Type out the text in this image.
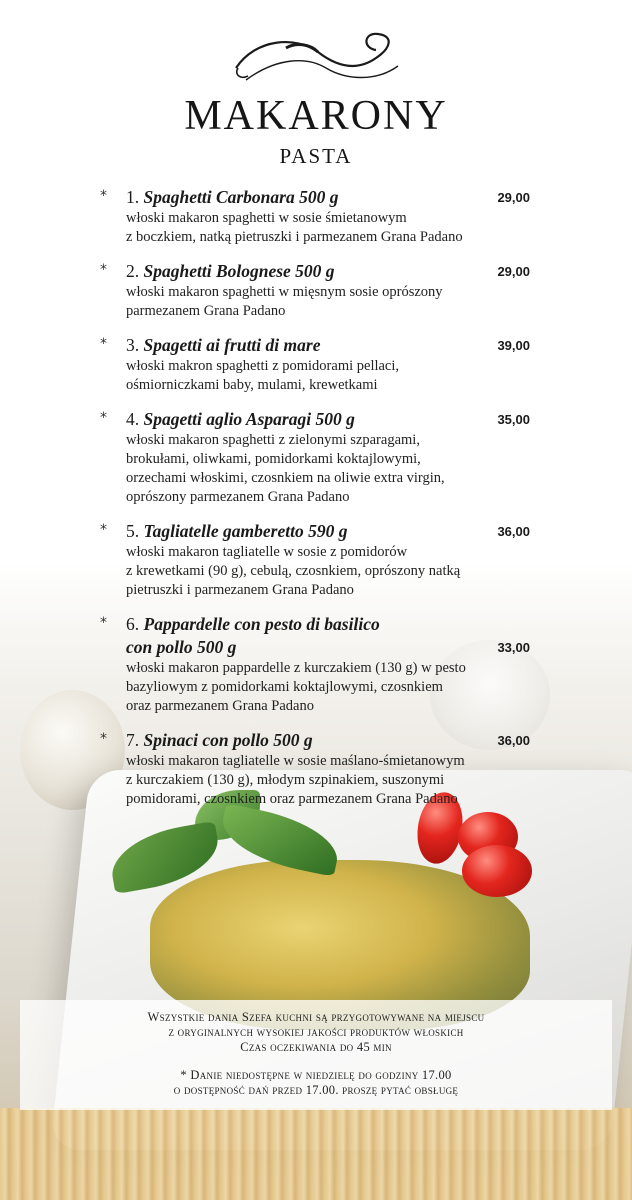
MAKARONY
PASTA
* 1. Spaghetti Carbonara 500 g	29,00
włoski makaron spaghetti w sosie śmietanowym
z boczkiem, natką pietruszki i parmezanem Grana Padano
* 2. Spaghetti Bolognese 500 g	29,00
włoski makaron spaghetti w mięsnym sosie oprószony
parmezanem Grana Padano
* 3. Spagetti ai frutti di mare	39,00
włoski makron spaghetti z pomidorami pellaci,
ośmiorniczkami baby, mulami, krewetkami
* 4. Spagetti aglio Asparagi 500 g	35,00
włoski makaron spaghetti z zielonymi szparagami,
brokułami, oliwkami, pomidorkami koktajlowymi,
orzechami włoskimi, czosnkiem na oliwie extra virgin,
oprószony parmezanem Grana Padano
* 5. Tagliatelle gamberetto 590 g	36,00
włoski makaron tagliatelle w sosie z pomidorów
z krewetkami (90 g), cebulą, czosnkiem, oprószony natką
pietruszki i parmezanem Grana Padano
* 6. Pappardelle con pesto di basilico
con pollo 500 g	33,00
włoski makaron pappardelle z kurczakiem (130 g) w pesto
bazyliowym z pomidorkami koktajlowymi, czosnkiem
oraz parmezanem Grana Padano
* 7. Spinaci con pollo 500 g	36,00
włoski makaron tagliatelle w sosie maślano-śmietanowym
z kurczakiem (130 g), młodym szpinakiem, suszonymi
pomidorami, czosnkiem oraz parmezanem Grana Padano
Wszystkie dania Szefa kuchni są przygotowywane na miejscu
z oryginalnych wysokiej jakości produktów włoskich
Czas oczekiwania do 45 min
* Danie niedostępne w niedzielę do godziny 17.00
o dostępność dań przed 17.00. proszę pytać obsługę
